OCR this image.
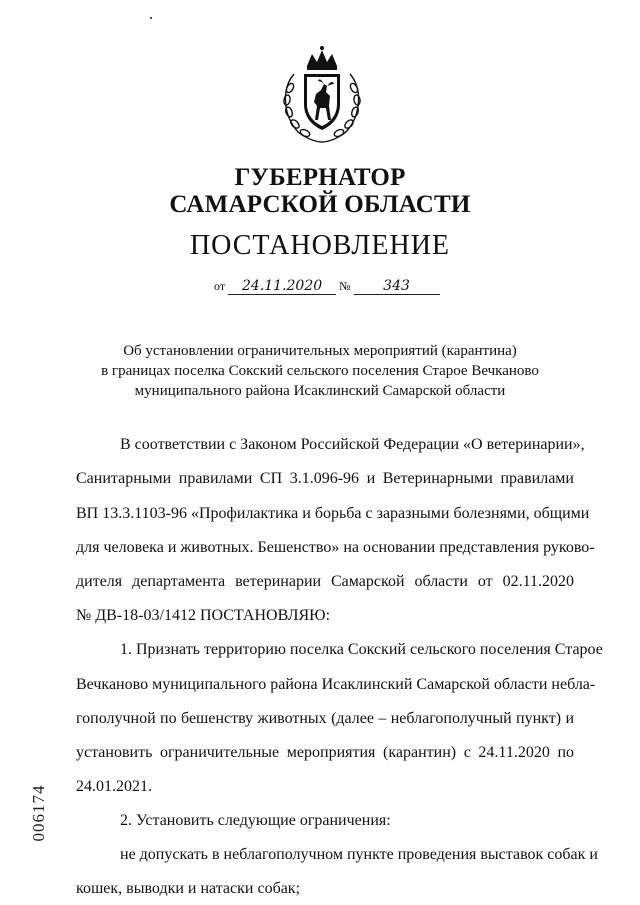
ГУБЕРНАТОР
САМАРСКОЙ ОБЛАСТИ
ПОСТАНОВЛЕНИЕ
от 24.11.2020 № 343
Об установлении ограничительных мероприятий (карантина)
в границах поселка Сокский сельского поселения Старое Вечканово
муниципального района Исаклинский Самарской области
В соответствии с Законом Российской Федерации «О ветеринарии»,
Санитарными правилами СП 3.1.096-96 и Ветеринарными правилами
ВП 13.3.1103-96 «Профилактика и борьба с заразными болезнями, общими
для человека и животных. Бешенство» на основании представления руково-
дителя департамента ветеринарии Самарской области от 02.11.2020
№ ДВ-18-03/1412 ПОСТАНОВЛЯЮ:
1. Признать территорию поселка Сокский сельского поселения Старое
Вечканово муниципального района Исаклинский Самарской области небла-
гополучной по бешенству животных (далее – неблагополучный пункт) и
установить ограничительные мероприятия (карантин) с 24.11.2020 по
24.01.2021.
2. Установить следующие ограничения:
не допускать в неблагополучном пункте проведения выставок собак и
кошек, выводки и натаски собак;
006174
